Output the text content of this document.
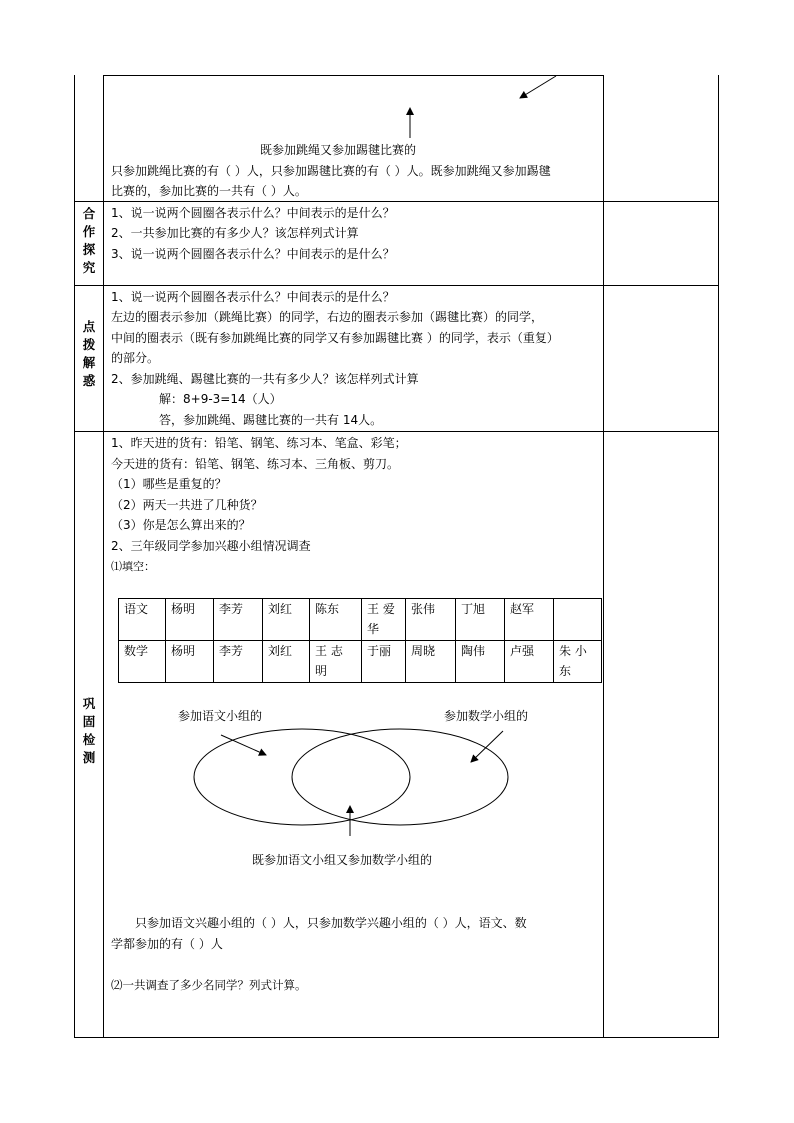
既参加跳绳又参加踢毽比赛的
只参加跳绳比赛的有（ ）人，只参加踢毽比赛的有（ ）人。既参加跳绳又参加踢毽
比赛的，参加比赛的一共有（ ）人。
合
作
探
究
1、说一说两个圆圈各表示什么？中间表示的是什么？
2、一共参加比赛的有多少人？该怎样列式计算
3、说一说两个圆圈各表示什么？中间表示的是什么？
点
拨
解
惑
1、说一说两个圆圈各表示什么？中间表示的是什么？
左边的圈表示参加（跳绳比赛）的同学，右边的圈表示参加（踢毽比赛）的同学，
中间的圈表示（既有参加跳绳比赛的同学又有参加踢毽比赛 ）的同学，表示（重复）
的部分。
2、参加跳绳、踢毽比赛的一共有多少人？该怎样列式计算
解：8+9-3=14（人）
答，参加跳绳、踢毽比赛的一共有 14人。
巩
固
检
测
1、昨天进的货有：铅笔、钢笔、练习本、笔盒、彩笔；
今天进的货有：铅笔、钢笔、练习本、三角板、剪刀。
（1）哪些是重复的？
（2）两天一共进了几种货？
（3）你是怎么算出来的？
2、三年级同学参加兴趣小组情况调查
⑴填空：
语文	杨明	李芳	刘红	陈东	王 爱 华	张伟	丁旭	赵军	
数学	杨明	李芳	刘红	王 志 明	于丽	周晓	陶伟	卢强	朱 小 东
参加语文小组的	参加数学小组的
既参加语文小组又参加数学小组的
只参加语文兴趣小组的（ ）人，只参加数学兴趣小组的（ ）人，语文、数
学都参加的有（ ）人
⑵一共调查了多少名同学？列式计算。
